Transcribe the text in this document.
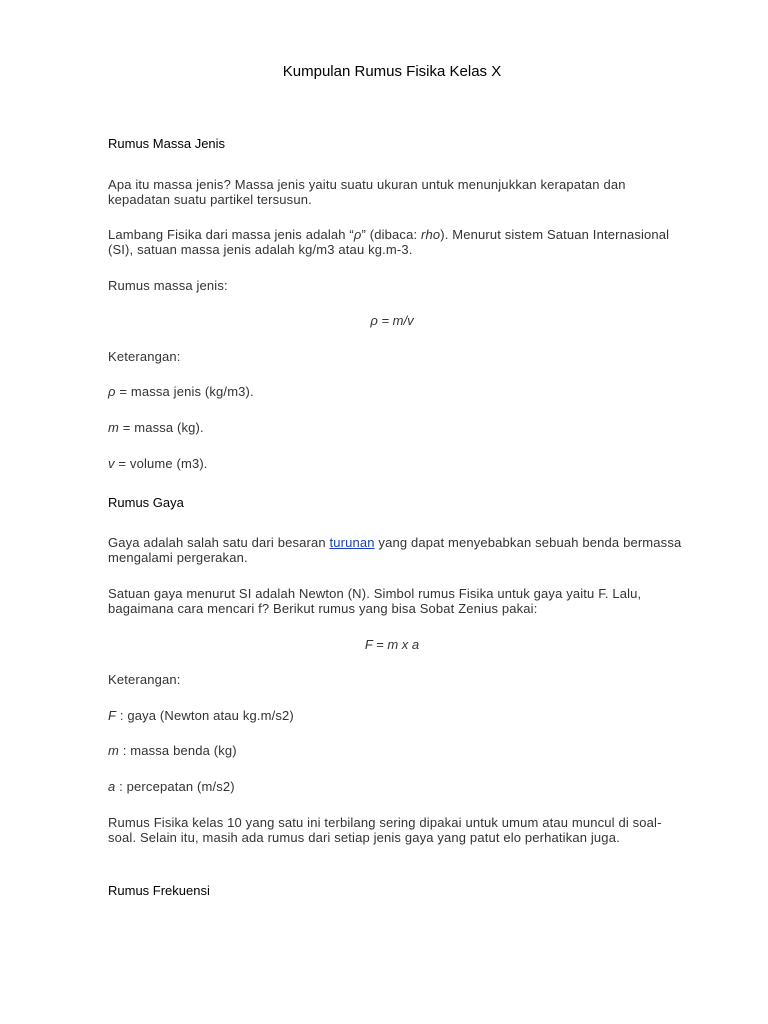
Kumpulan Rumus Fisika Kelas X
Rumus Massa Jenis

Apa itu massa jenis? Massa jenis yaitu suatu ukuran untuk menunjukkan kerapatan dan kepadatan suatu partikel tersusun.

Lambang Fisika dari massa jenis adalah “ρ” (dibaca: rho). Menurut sistem Satuan Internasional (SI), satuan massa jenis adalah kg/m3 atau kg.m-3.

Rumus massa jenis:

ρ = m/v

Keterangan:

ρ = massa jenis (kg/m3).

m = massa (kg).

v = volume (m3).

Rumus Gaya

Gaya adalah salah satu dari besaran turunan yang dapat menyebabkan sebuah benda bermassa mengalami pergerakan.

Satuan gaya menurut SI adalah Newton (N). Simbol rumus Fisika untuk gaya yaitu F. Lalu, bagaimana cara mencari f? Berikut rumus yang bisa Sobat Zenius pakai:

F = m x a

Keterangan:

F : gaya (Newton atau kg.m/s2)

m : massa benda (kg)

a : percepatan (m/s2)

Rumus Fisika kelas 10 yang satu ini terbilang sering dipakai untuk umum atau muncul di soal-soal. Selain itu, masih ada rumus dari setiap jenis gaya yang patut elo perhatikan juga.

Rumus Frekuensi
